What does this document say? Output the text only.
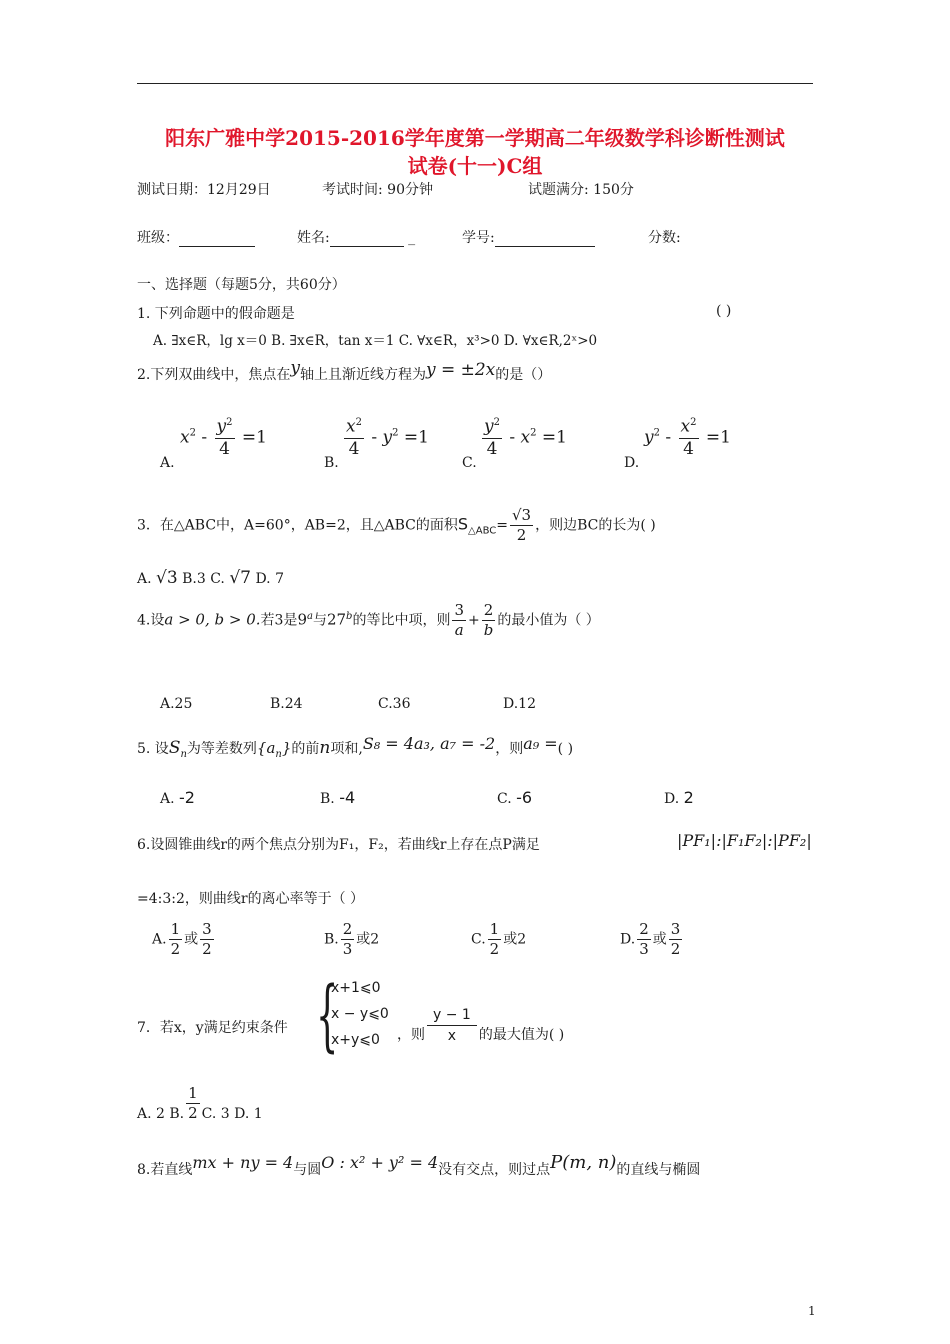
阳东广雅中学2015-2016学年度第一学期高二年级数学科诊断性测试
试卷(十一)C组
测试日期：12月29日	考试时间: 90分钟	试题满分: 150分
班级：	姓名:	_	学号:	分数:
一、选择题（每题5分，共60分）
1. 下列命题中的假命题是	( )
A. ∃x∈R，lg x＝0 B. ∃x∈R，tan x＝1 C. ∀x∈R，x³>0 D. ∀x∈R,2ˣ>0
2.下列双曲线中，焦点在y轴上且渐近线方程为y = ±2x的是（）
A.
$x^2 - \frac{y^2}{4} =1$
B.
$\frac{x^2}{4} - y^2 =1$
C.
$\frac{y^2}{4} - x^2 =1$
D.
$y^2 - \frac{x^2}{4} =1$
3．在△ABC中，A=60°，AB=2，且△ABC的面积$S_{\triangle ABC}= \frac{√3}{2}$ ，则边BC的长为( )
A. √3 B.3 C. √7 D. 7
4.设a > 0, b > 0.若3是9$^a$与27$^b$的等比中项，则 $\frac{3}{a} + \frac{2}{b}$ 的最小值为（ ）
A.25	B.24	C.36	D.12
5. 设$S_n$为等差数列$\{a_n\}$的前n项和,S₈ = 4a₃, a₇ = -2，则a₉ =( )
A. -2	B. -4	C. -6	D. 2
6.设圆锥曲线r的两个焦点分别为F₁，F₂，若曲线r上存在点P满足	|PF₁|:|F₁F₂|:|PF₂|
=4:3:2，则曲线r的离心率等于（ ）
A. $\frac{1}{2}$ 或 $\frac{3}{2}$	B. $\frac{2}{3}$ 或2	C. $\frac{1}{2}$ 或2	D. $\frac{2}{3}$ 或 $\frac{3}{2}$
7．若x，y满足约束条件 {
x+1⩽0
x − y⩽0
x+y⩽0	，则 $\frac{y - 1}{x}$ 的最大值为( )
A. 2 B. $\frac{1}{2} C$. 3 D. 1
8.若直线mx + ny = 4与圆O : x² + y² = 4没有交点，则过点P(m, n)的直线与椭圆
1
